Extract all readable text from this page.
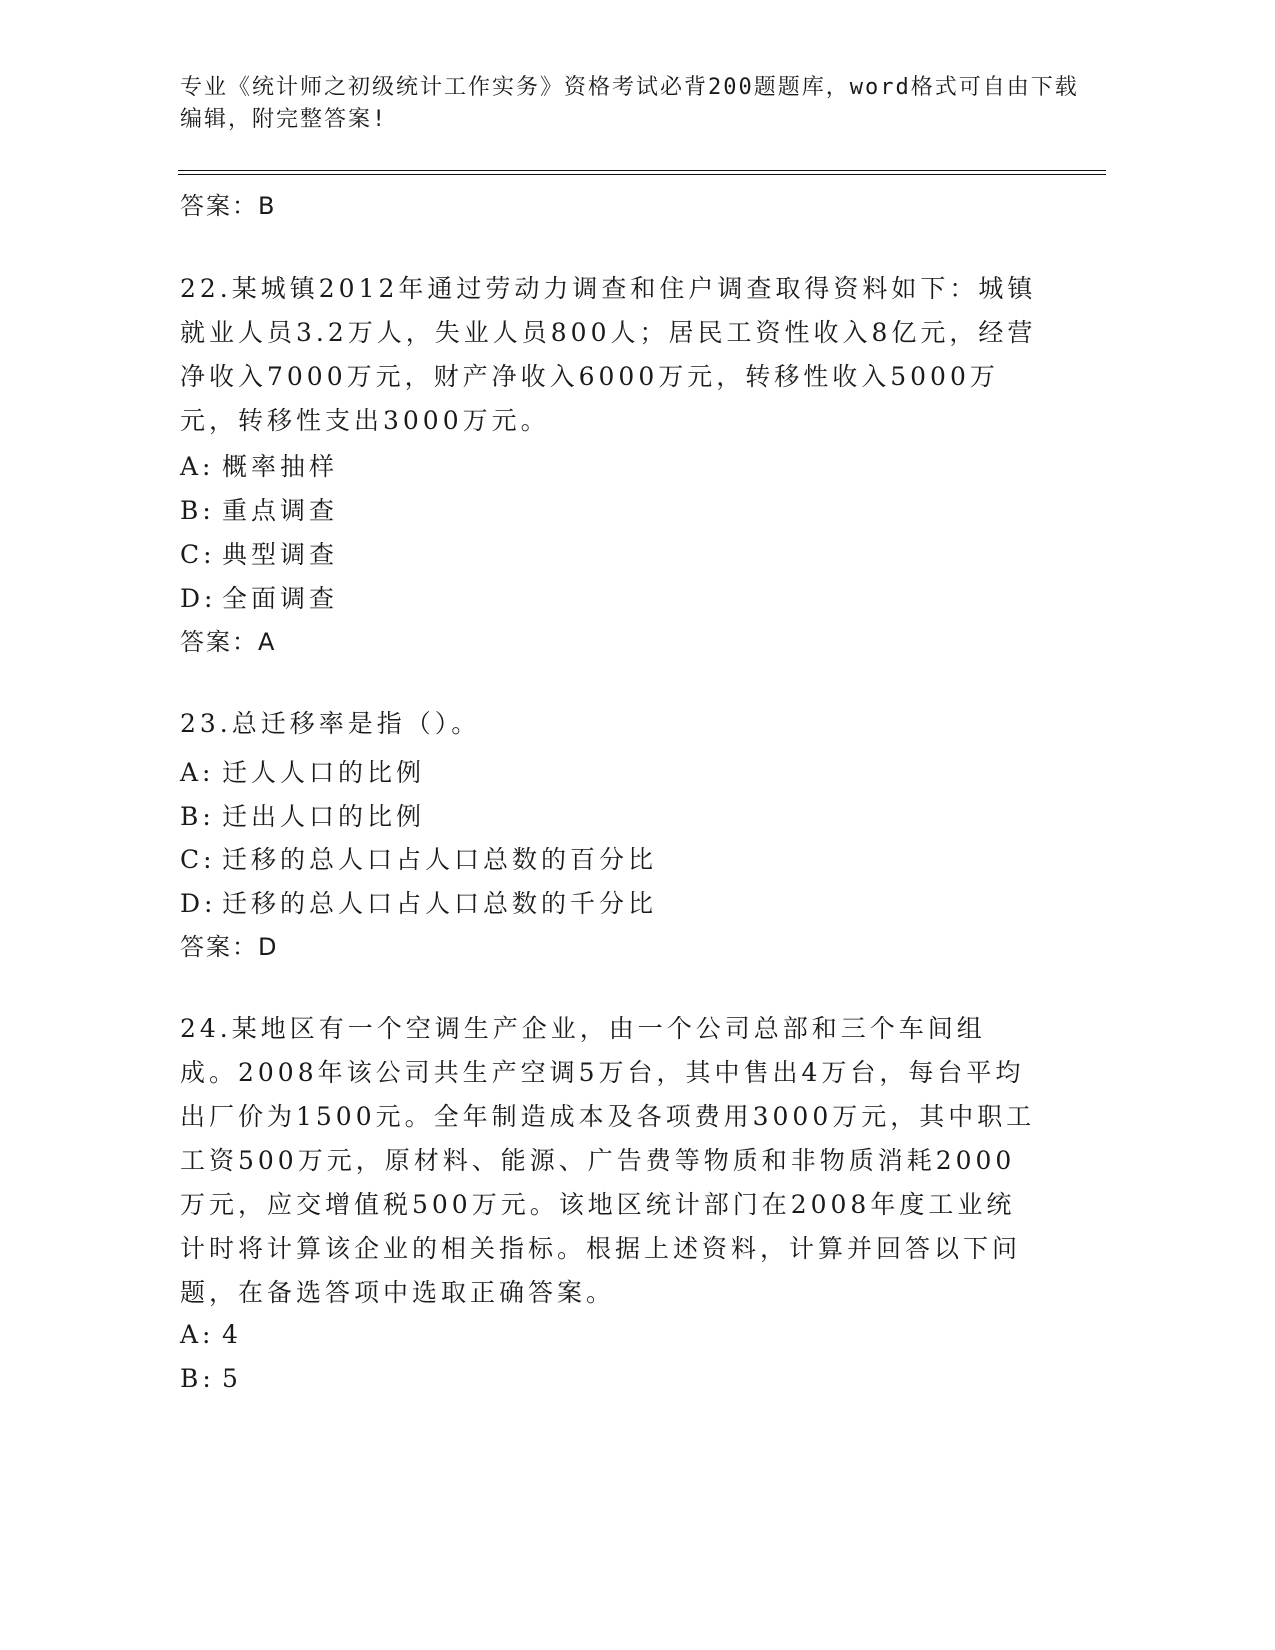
专业《统计师之初级统计工作实务》资格考试必背200题题库，word格式可自由下载编辑，附完整答案!
答案：B
22.某城镇2012年通过劳动力调查和住户调查取得资料如下：城镇就业人员3.2万人，失业人员800人；居民工资性收入8亿元，经营净收入7000万元，财产净收入6000万元，转移性收入5000万元，转移性支出3000万元。
A: 概率抽样
B: 重点调查
C: 典型调查
D: 全面调查
答案：A
23.总迁移率是指（）。
A: 迁人人口的比例
B: 迁出人口的比例
C: 迁移的总人口占人口总数的百分比
D: 迁移的总人口占人口总数的千分比
答案：D
24.某地区有一个空调生产企业，由一个公司总部和三个车间组成。2008年该公司共生产空调5万台，其中售出4万台，每台平均出厂价为1500元。全年制造成本及各项费用3000万元，其中职工工资500万元，原材料、能源、广告费等物质和非物质消耗2000万元，应交增值税500万元。该地区统计部门在2008年度工业统计时将计算该企业的相关指标。根据上述资料，计算并回答以下问题，在备选答项中选取正确答案。
A: 4
B: 5
